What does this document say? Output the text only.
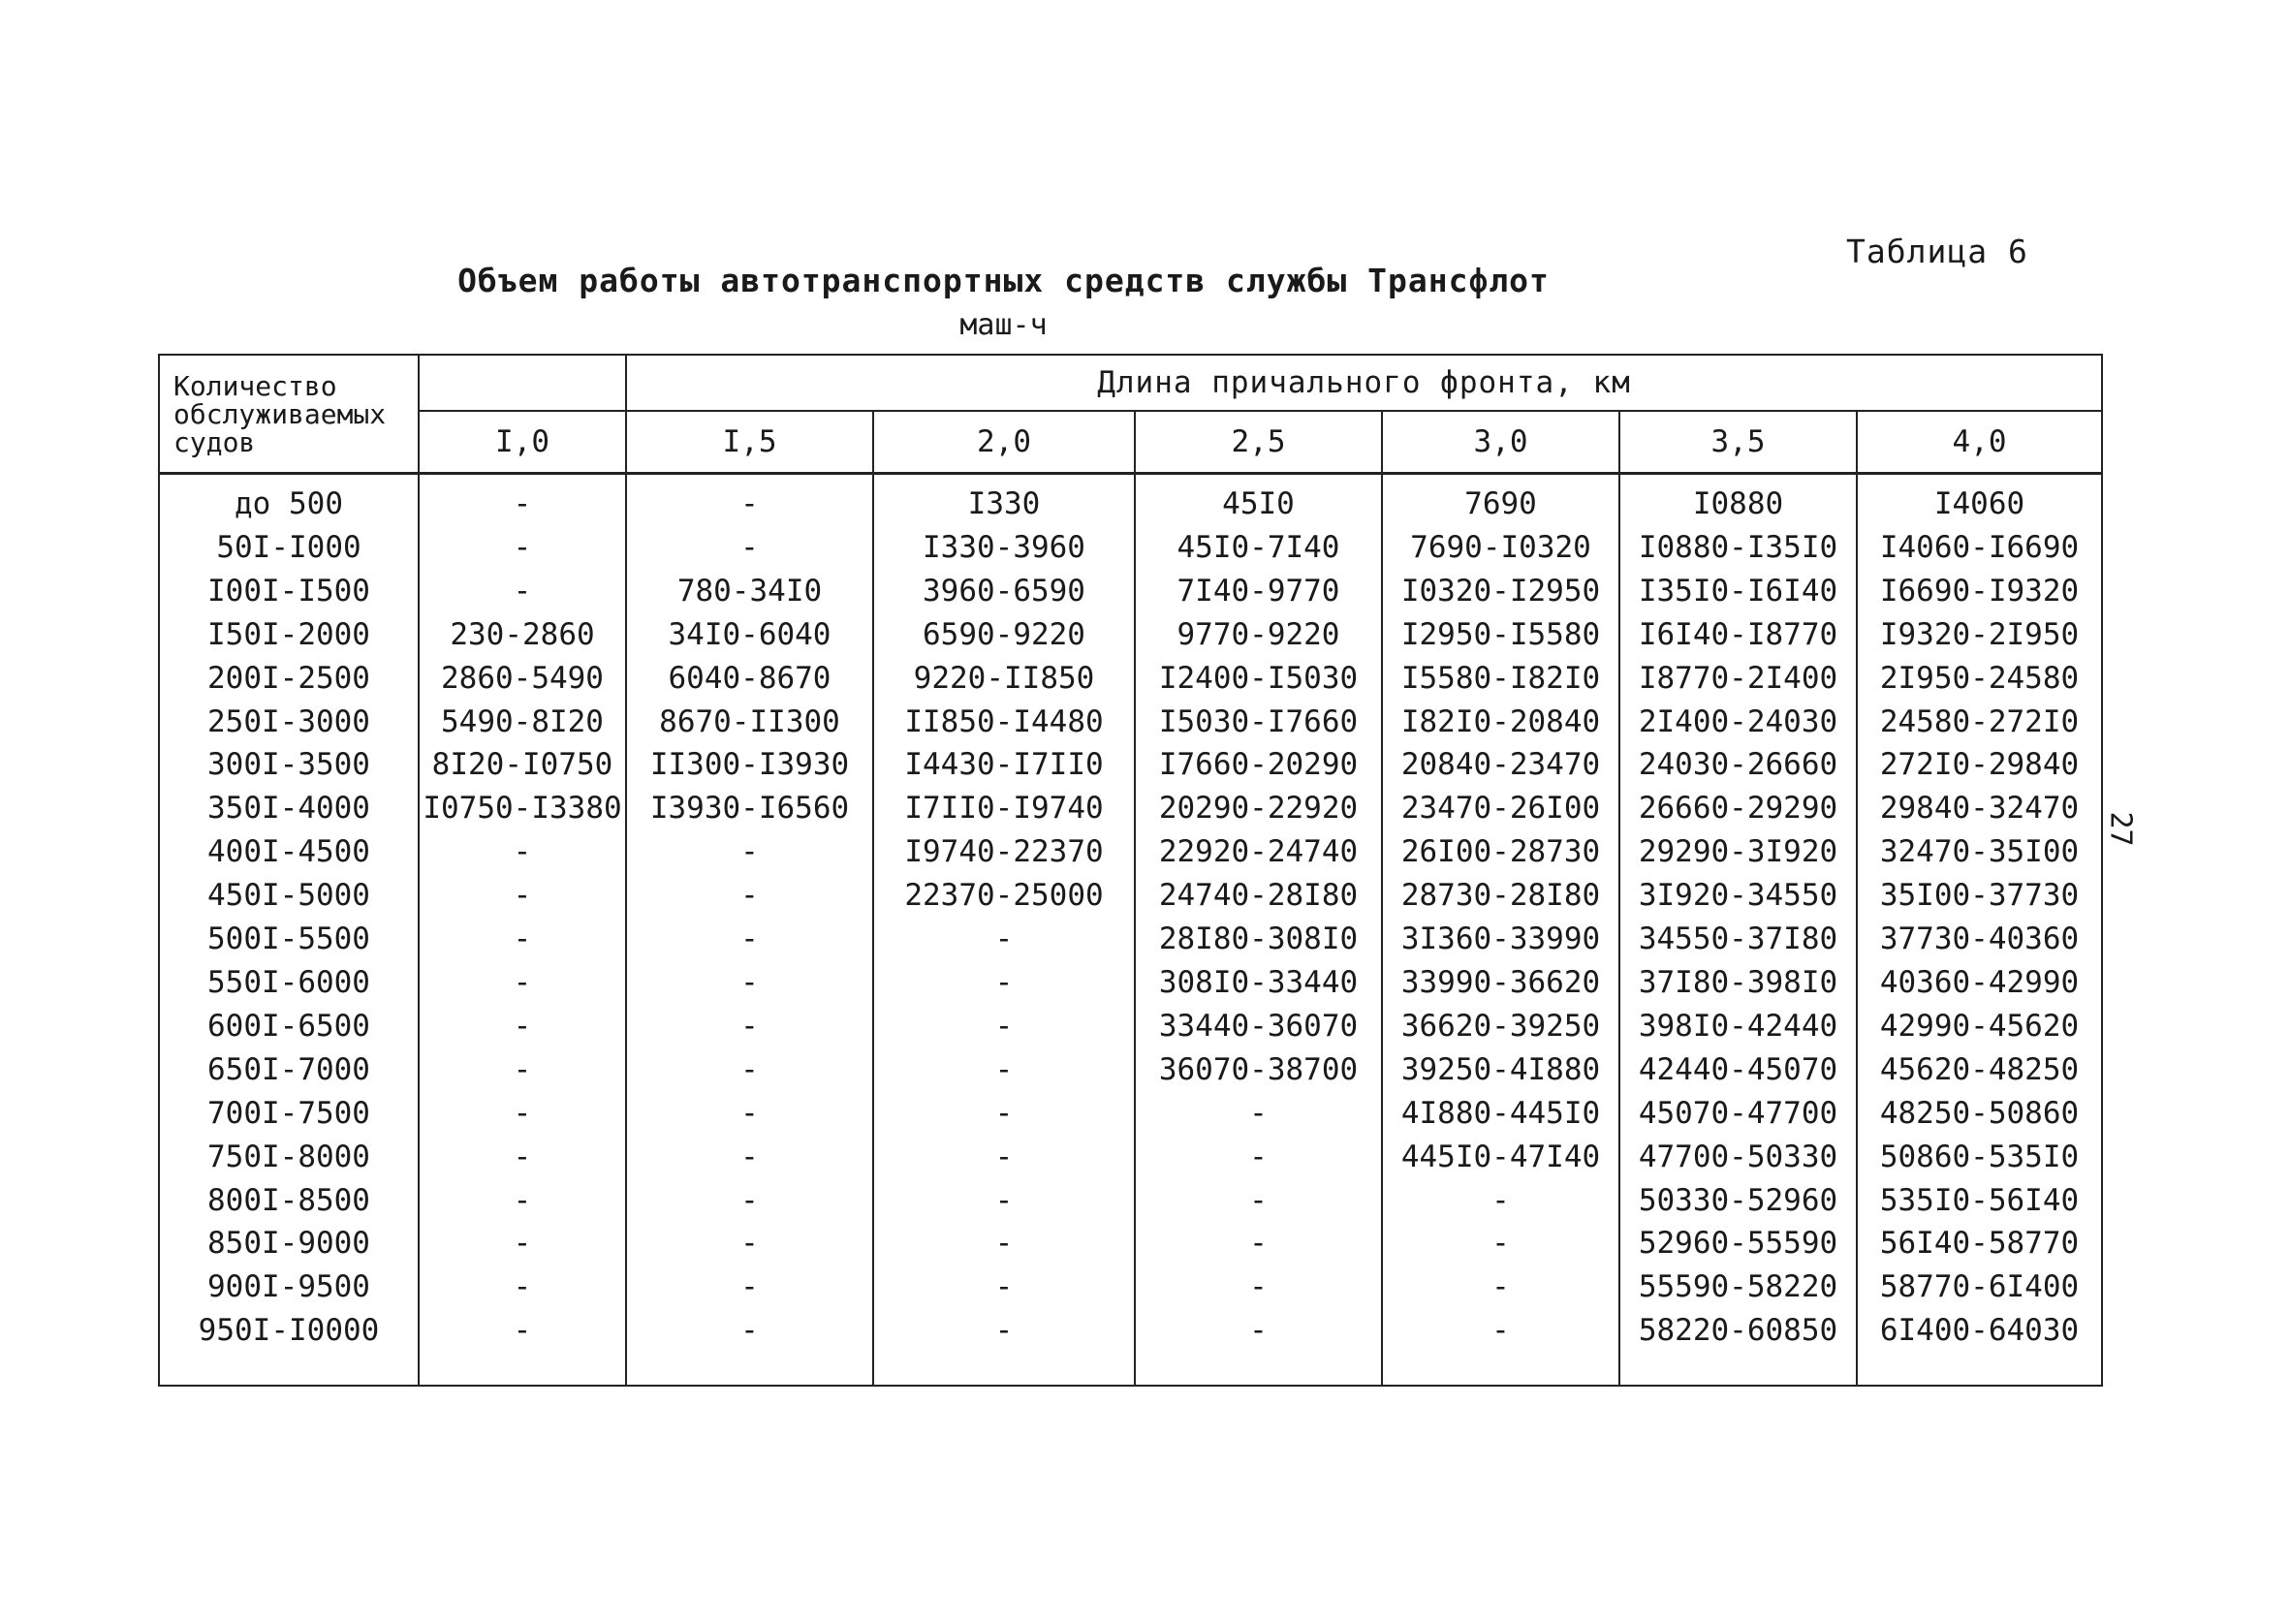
Таблица 6
Объем работы автотранспортных средств службы Трансфлот
маш-ч
27
Количество
обслуживаемых
судов		Длина причального фронта, км					
	I,0	I,5	2,0	2,5	3,0	3,5	4,0
до 500	-	-	I330	45I0	7690	I0880	I4060
50I-I000	-	-	I330-3960	45I0-7I40	7690-I0320	I0880-I35I0	I4060-I6690
I00I-I500	-	780-34I0	3960-6590	7I40-9770	I0320-I2950	I35I0-I6I40	I6690-I9320
I50I-2000	230-2860	34I0-6040	6590-9220	9770-9220	I2950-I5580	I6I40-I8770	I9320-2I950
200I-2500	2860-5490	6040-8670	9220-II850	I2400-I5030	I5580-I82I0	I8770-2I400	2I950-24580
250I-3000	5490-8I20	8670-II300	II850-I4480	I5030-I7660	I82I0-20840	2I400-24030	24580-272I0
300I-3500	8I20-I0750	II300-I3930	I4430-I7II0	I7660-20290	20840-23470	24030-26660	272I0-29840
350I-4000	I0750-I3380	I3930-I6560	I7II0-I9740	20290-22920	23470-26I00	26660-29290	29840-32470
400I-4500	-	-	I9740-22370	22920-24740	26I00-28730	29290-3I920	32470-35I00
450I-5000	-	-	22370-25000	24740-28I80	28730-28I80	3I920-34550	35I00-37730
500I-5500	-	-	-	28I80-308I0	3I360-33990	34550-37I80	37730-40360
550I-6000	-	-	-	308I0-33440	33990-36620	37I80-398I0	40360-42990
600I-6500	-	-	-	33440-36070	36620-39250	398I0-42440	42990-45620
650I-7000	-	-	-	36070-38700	39250-4I880	42440-45070	45620-48250
700I-7500	-	-	-	-	4I880-445I0	45070-47700	48250-50860
750I-8000	-	-	-	-	445I0-47I40	47700-50330	50860-535I0
800I-8500	-	-	-	-	-	50330-52960	535I0-56I40
850I-9000	-	-	-	-	-	52960-55590	56I40-58770
900I-9500	-	-	-	-	-	55590-58220	58770-6I400
950I-I0000	-	-	-	-	-	58220-60850	6I400-64030
